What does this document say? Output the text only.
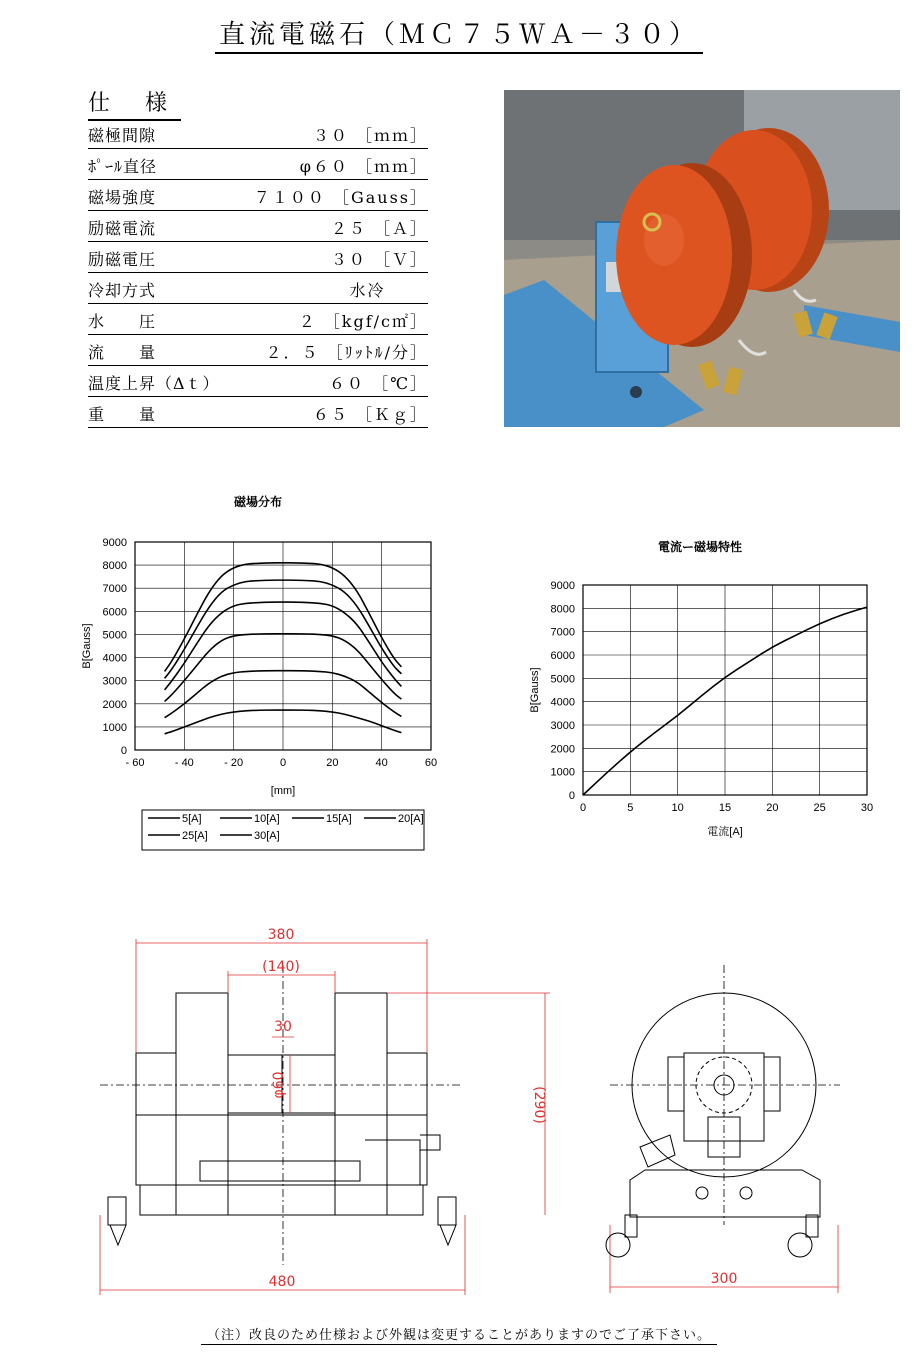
直流電磁石（ＭＣ７５ＷＡ－３０）
仕 様
磁極間隙	３０ ［ｍｍ］
ﾎﾟｰﾙ直径	φ６０ ［ｍｍ］
磁場強度	７１００ ［Gauss］
励磁電流	２５ ［Ａ］
励磁電圧	３０ ［Ｖ］
冷却方式	水冷
水　　圧	２ ［kgf/c㎡］
流　　量	２．５ ［ﾘｯﾄﾙ/分］
温度上昇（Δｔ）	６０ ［℃］
重　　量	６５ ［Ｋｇ］
磁場分布
- 60	- 40	- 20	0	20	40	60
0
1000
2000
3000
4000
5000
6000
7000
8000
9000
[mm]
B[Gauss]
5[A]	10[A]	15[A]	20[A]
25[A]	30[A]
電流ー磁場特性
0	5	10	15	20	25	30
0
1000
2000
3000
4000
5000
6000
7000
8000
9000
電流[A]
B[Gauss]
380
(140)
30
φ60
(290)
480	300
（注）改良のため仕様および外観は変更することがありますのでご了承下さい。
